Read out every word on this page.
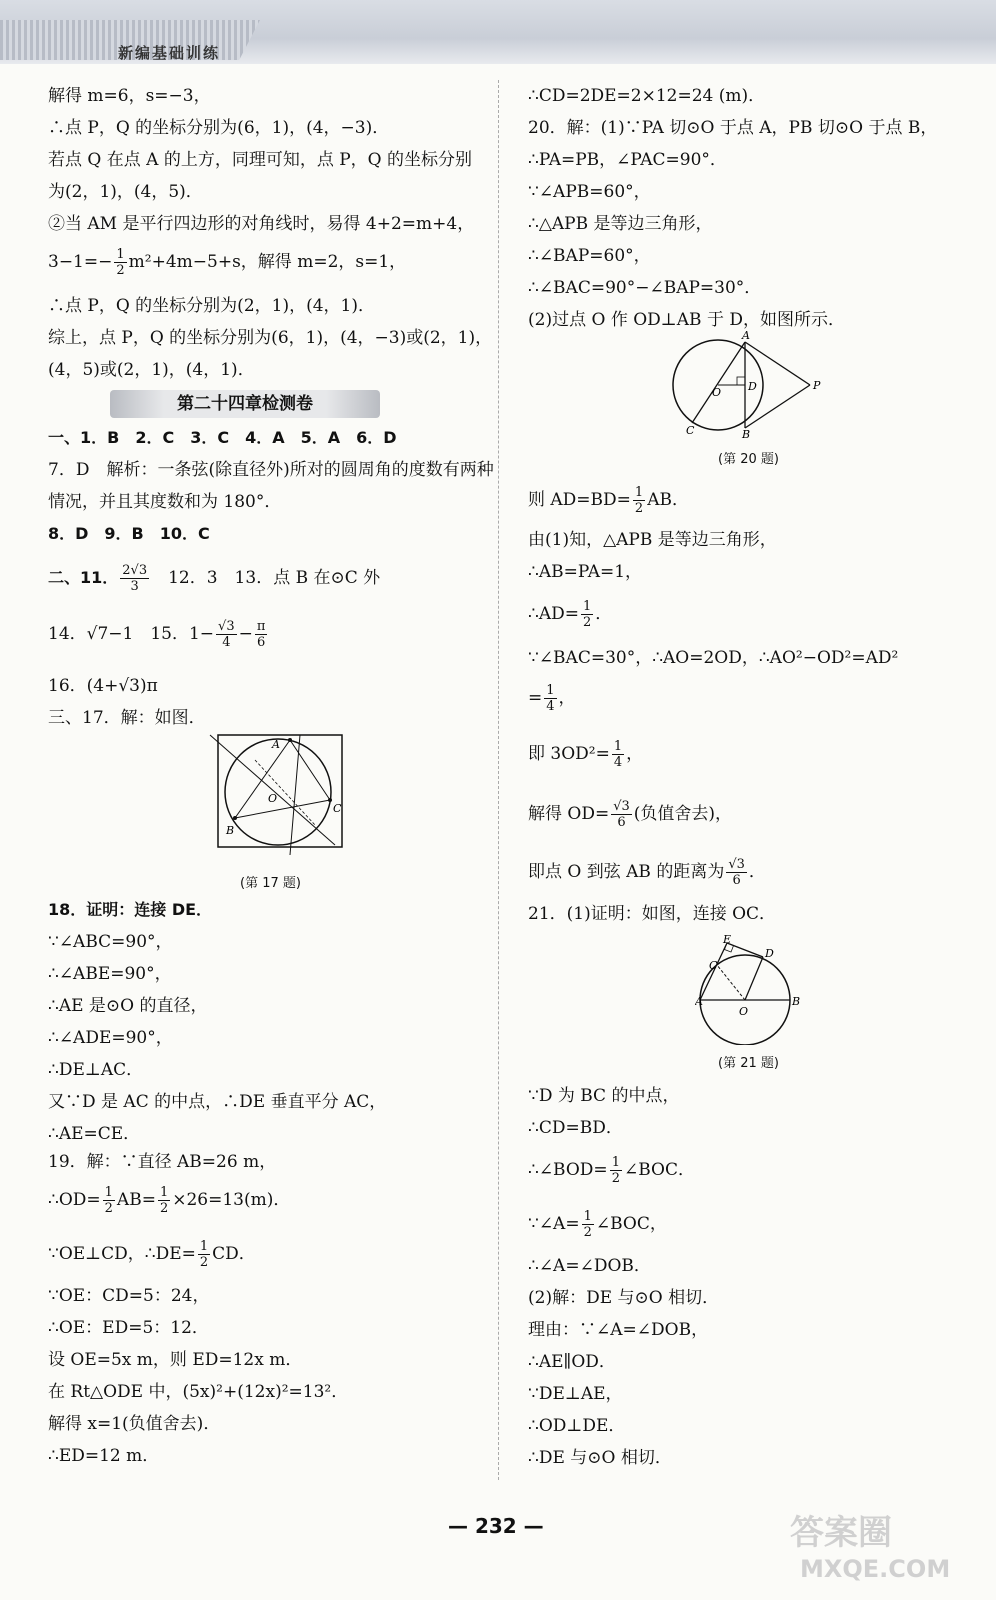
新编基础训练
解得 m=6，s=−3，
∴点 P，Q 的坐标分别为(6，1)，(4，−3)．
若点 Q 在点 A 的上方，同理可知，点 P，Q 的坐标分别
为(2，1)，(4，5)．
②当 AM 是平行四边形的对角线时，易得 4+2=m+4，
$3-1=- \frac{1}{2} m^2+4m-5+s$，解得 m=2，s=1，
∴点 P，Q 的坐标分别为(2，1)，(4，1)．
综上，点 P，Q 的坐标分别为(6，1)，(4，−3)或(2，1)，
(4，5)或(2，1)，(4，1)．
第二十四章检测卷
一、1．B　2．C　3．C　4．A　5．A　6．D
7．D　解析：一条弦(除直径外)所对的圆周角的度数有两种
情况，并且其度数和为 180°．
8．D　9．B　10．C
二、11． $\frac{2√3}{3}$ 　12．3　13．点 B 在⊙C 外
14．√7−1　15．$1- \frac{√3}{4} - \frac{\pi}{6}$
16．(4+√3)π
三、17．解：如图．
A
B
C
O
(第 17 题)
18．证明：连接 DE．
∵∠ABC=90°，
∴∠ABE=90°，
∴AE 是⊙O 的直径，
∴∠ADE=90°，
∴DE⊥AC．
又∵D 是 AC 的中点，∴DE 垂直平分 AC，
∴AE=CE．
19．解：∵直径 AB=26 m，
∴OD= $\frac{1}{2} AB= \frac{1}{2} \times 26=13(m)$．
∵OE⊥CD，∴DE= $\frac{1}{2}$ CD．
∵OE：CD=5：24，
∴OE：ED=5：12．
设 OE=5x m，则 ED=12x m．
在 Rt△ODE 中，(5x)²+(12x)²=13²．
解得 x=1(负值舍去)．
∴ED=12 m．
∴CD=2DE=2×12=24 (m)．
20．解：(1)∵PA 切⊙O 于点 A，PB 切⊙O 于点 B，
∴PA=PB，∠PAC=90°．
∵∠APB=60°，
∴△APB 是等边三角形，
∴∠BAP=60°，
∴∠BAC=90°−∠BAP=30°．
(2)过点 O 作 OD⊥AB 于 D，如图所示．
A
B
C
D
O
P
(第 20 题)
则 $AD=BD= \frac{1}{2}$ AB．
由(1)知，△APB 是等边三角形，
∴AB=PA=1，
∴AD= $\frac{1}{2}$ ．
∵∠BAC=30°，∴AO=2OD，∴AO²−OD²=AD²
= $\frac{1}{4}$ ，
即 $3OD^2= \frac{1}{4}$ ，
解得 $OD= \frac{√3}{6}$ (负值舍去)，
即点 O 到弦 AB 的距离为 $\frac{√3}{6}$ ．
21．(1)证明：如图，连接 OC．
E
D
C
A	B
O
(第 21 题)
∵D 为 BC 的中点，
∴CD=BD．
∴∠BOD= $\frac{1}{2}$ ∠BOC．
∵∠A= $\frac{1}{2}$ ∠BOC，
∴∠A=∠DOB．
(2)解：DE 与⊙O 相切．
理由：∵∠A=∠DOB，
∴AE∥OD．
∵DE⊥AE，
∴OD⊥DE．
∴DE 与⊙O 相切．
— 232 —	答案圈
MXQE.COM
